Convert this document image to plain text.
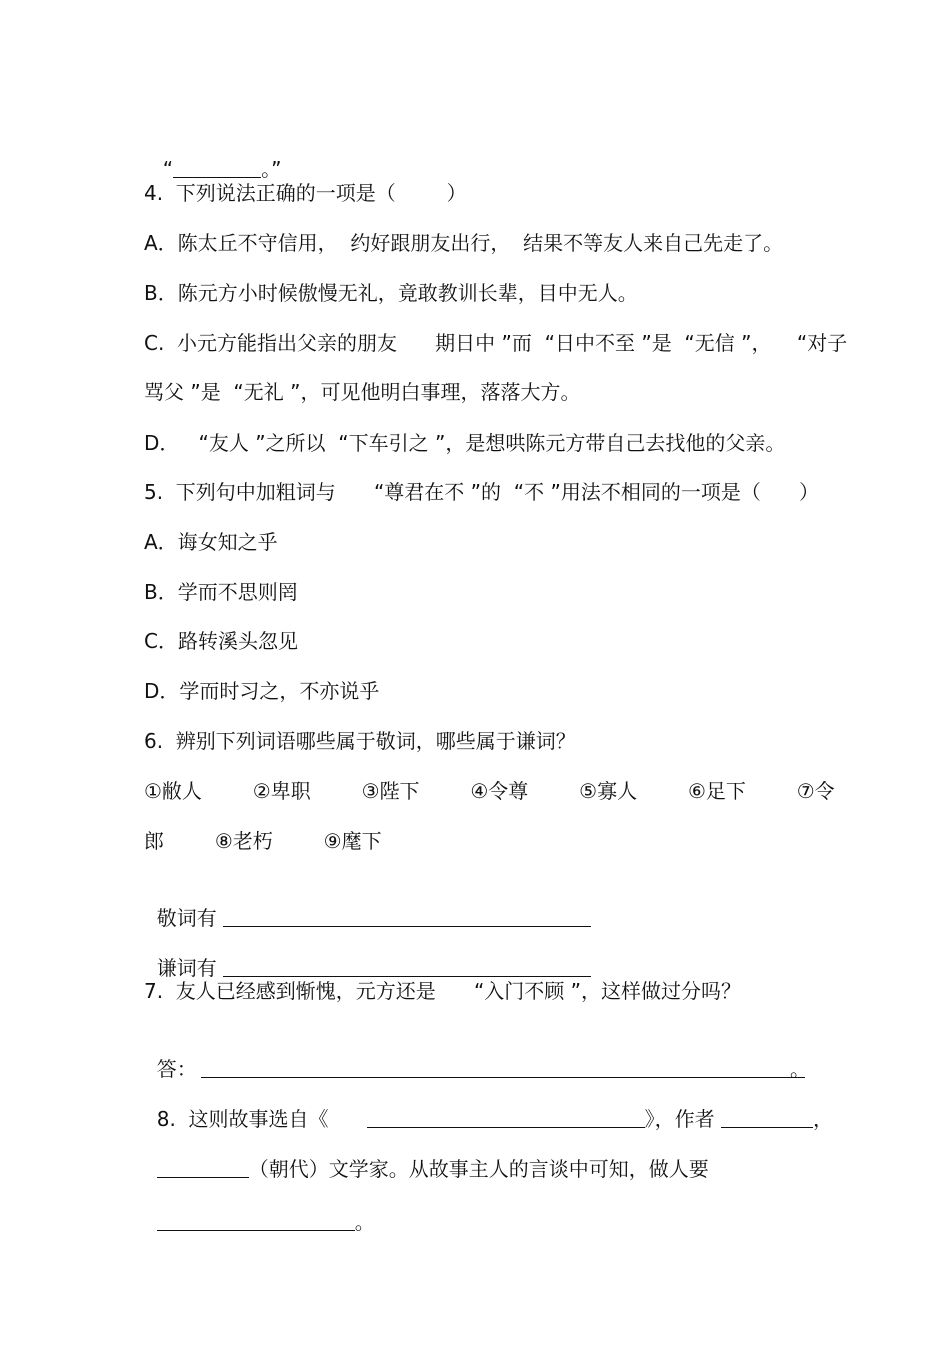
“	。”

4.  下列说法正确的一项是（        ）
A．陈太丘不守信用，  约好跟朋友出行，  结果不等友人来自己先走了。
B．陈元方小时候傲慢无礼，竟敢教训长辈，目中无人。
C.  小元方能指出父亲的朋友      期日中 ”而  “日中不至 ”是  “无信 ”，    “对子
骂父 ”是  “无礼 ”，可见他明白事理，落落大方。
D．   “友人 ”之所以  “下车引之 ”，是想哄陈元方带自己去找他的父亲。
5.  下列句中加粗词与      “尊君在不 ”的  “不 ”用法不相同的一项是（      ）
A．诲女知之乎
B．学而不思则罔
C．路转溪头忽见
D．学而时习之，不亦说乎
6.  辨别下列词语哪些属于敬词，哪些属于谦词？
①敝人        ②卑职        ③陛下        ④令尊        ⑤寡人        ⑥足下        ⑦令
郎        ⑧老朽        ⑨麾下

敬词有

谦词有

7.  友人已经感到惭愧，元方还是      “入门不顾 ”，这样做过分吗？

答：	。

8.  这则故事选自《	》，作者	，

（朝代）文学家。从故事主人的言谈中可知，做人要

。
